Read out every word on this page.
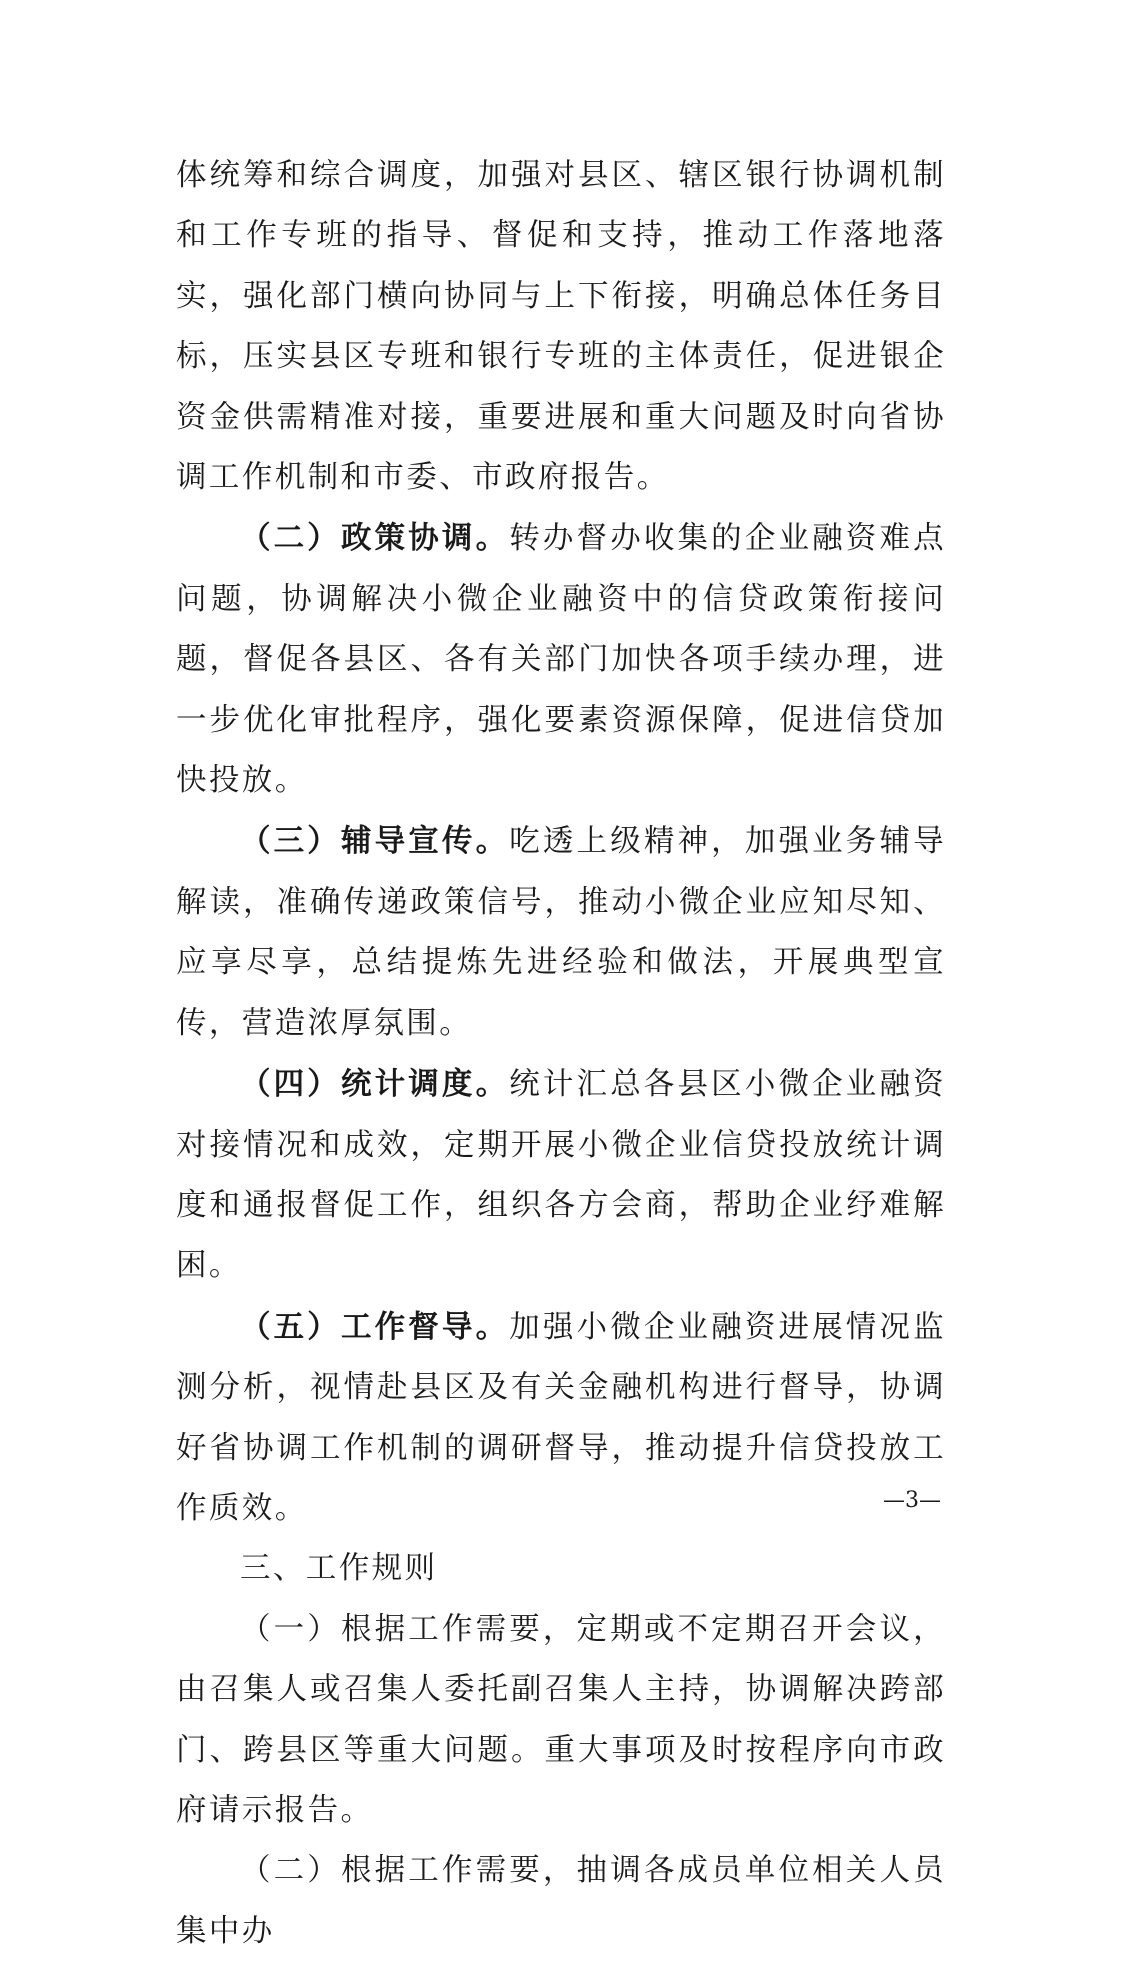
体统筹和综合调度，加强对县区、辖区银行协调机制和工作专班的指导、督促和支持，推动工作落地落实，强化部门横向协同与上下衔接，明确总体任务目标，压实县区专班和银行专班的主体责任，促进银企资金供需精准对接，重要进展和重大问题及时向省协调工作机制和市委、市政府报告。

（二）政策协调。转办督办收集的企业融资难点问题，协调解决小微企业融资中的信贷政策衔接问题，督促各县区、各有关部门加快各项手续办理，进一步优化审批程序，强化要素资源保障，促进信贷加快投放。

（三）辅导宣传。吃透上级精神，加强业务辅导解读，准确传递政策信号，推动小微企业应知尽知、应享尽享，总结提炼先进经验和做法，开展典型宣传，营造浓厚氛围。

（四）统计调度。统计汇总各县区小微企业融资对接情况和成效，定期开展小微企业信贷投放统计调度和通报督促工作，组织各方会商，帮助企业纾难解困。

（五）工作督导。加强小微企业融资进展情况监测分析，视情赴县区及有关金融机构进行督导，协调好省协调工作机制的调研督导，推动提升信贷投放工作质效。

三、工作规则

（一）根据工作需要，定期或不定期召开会议，由召集人或召集人委托副召集人主持，协调解决跨部门、跨县区等重大问题。重大事项及时按程序向市政府请示报告。

（二）根据工作需要，抽调各成员单位相关人员集中办

—3—
